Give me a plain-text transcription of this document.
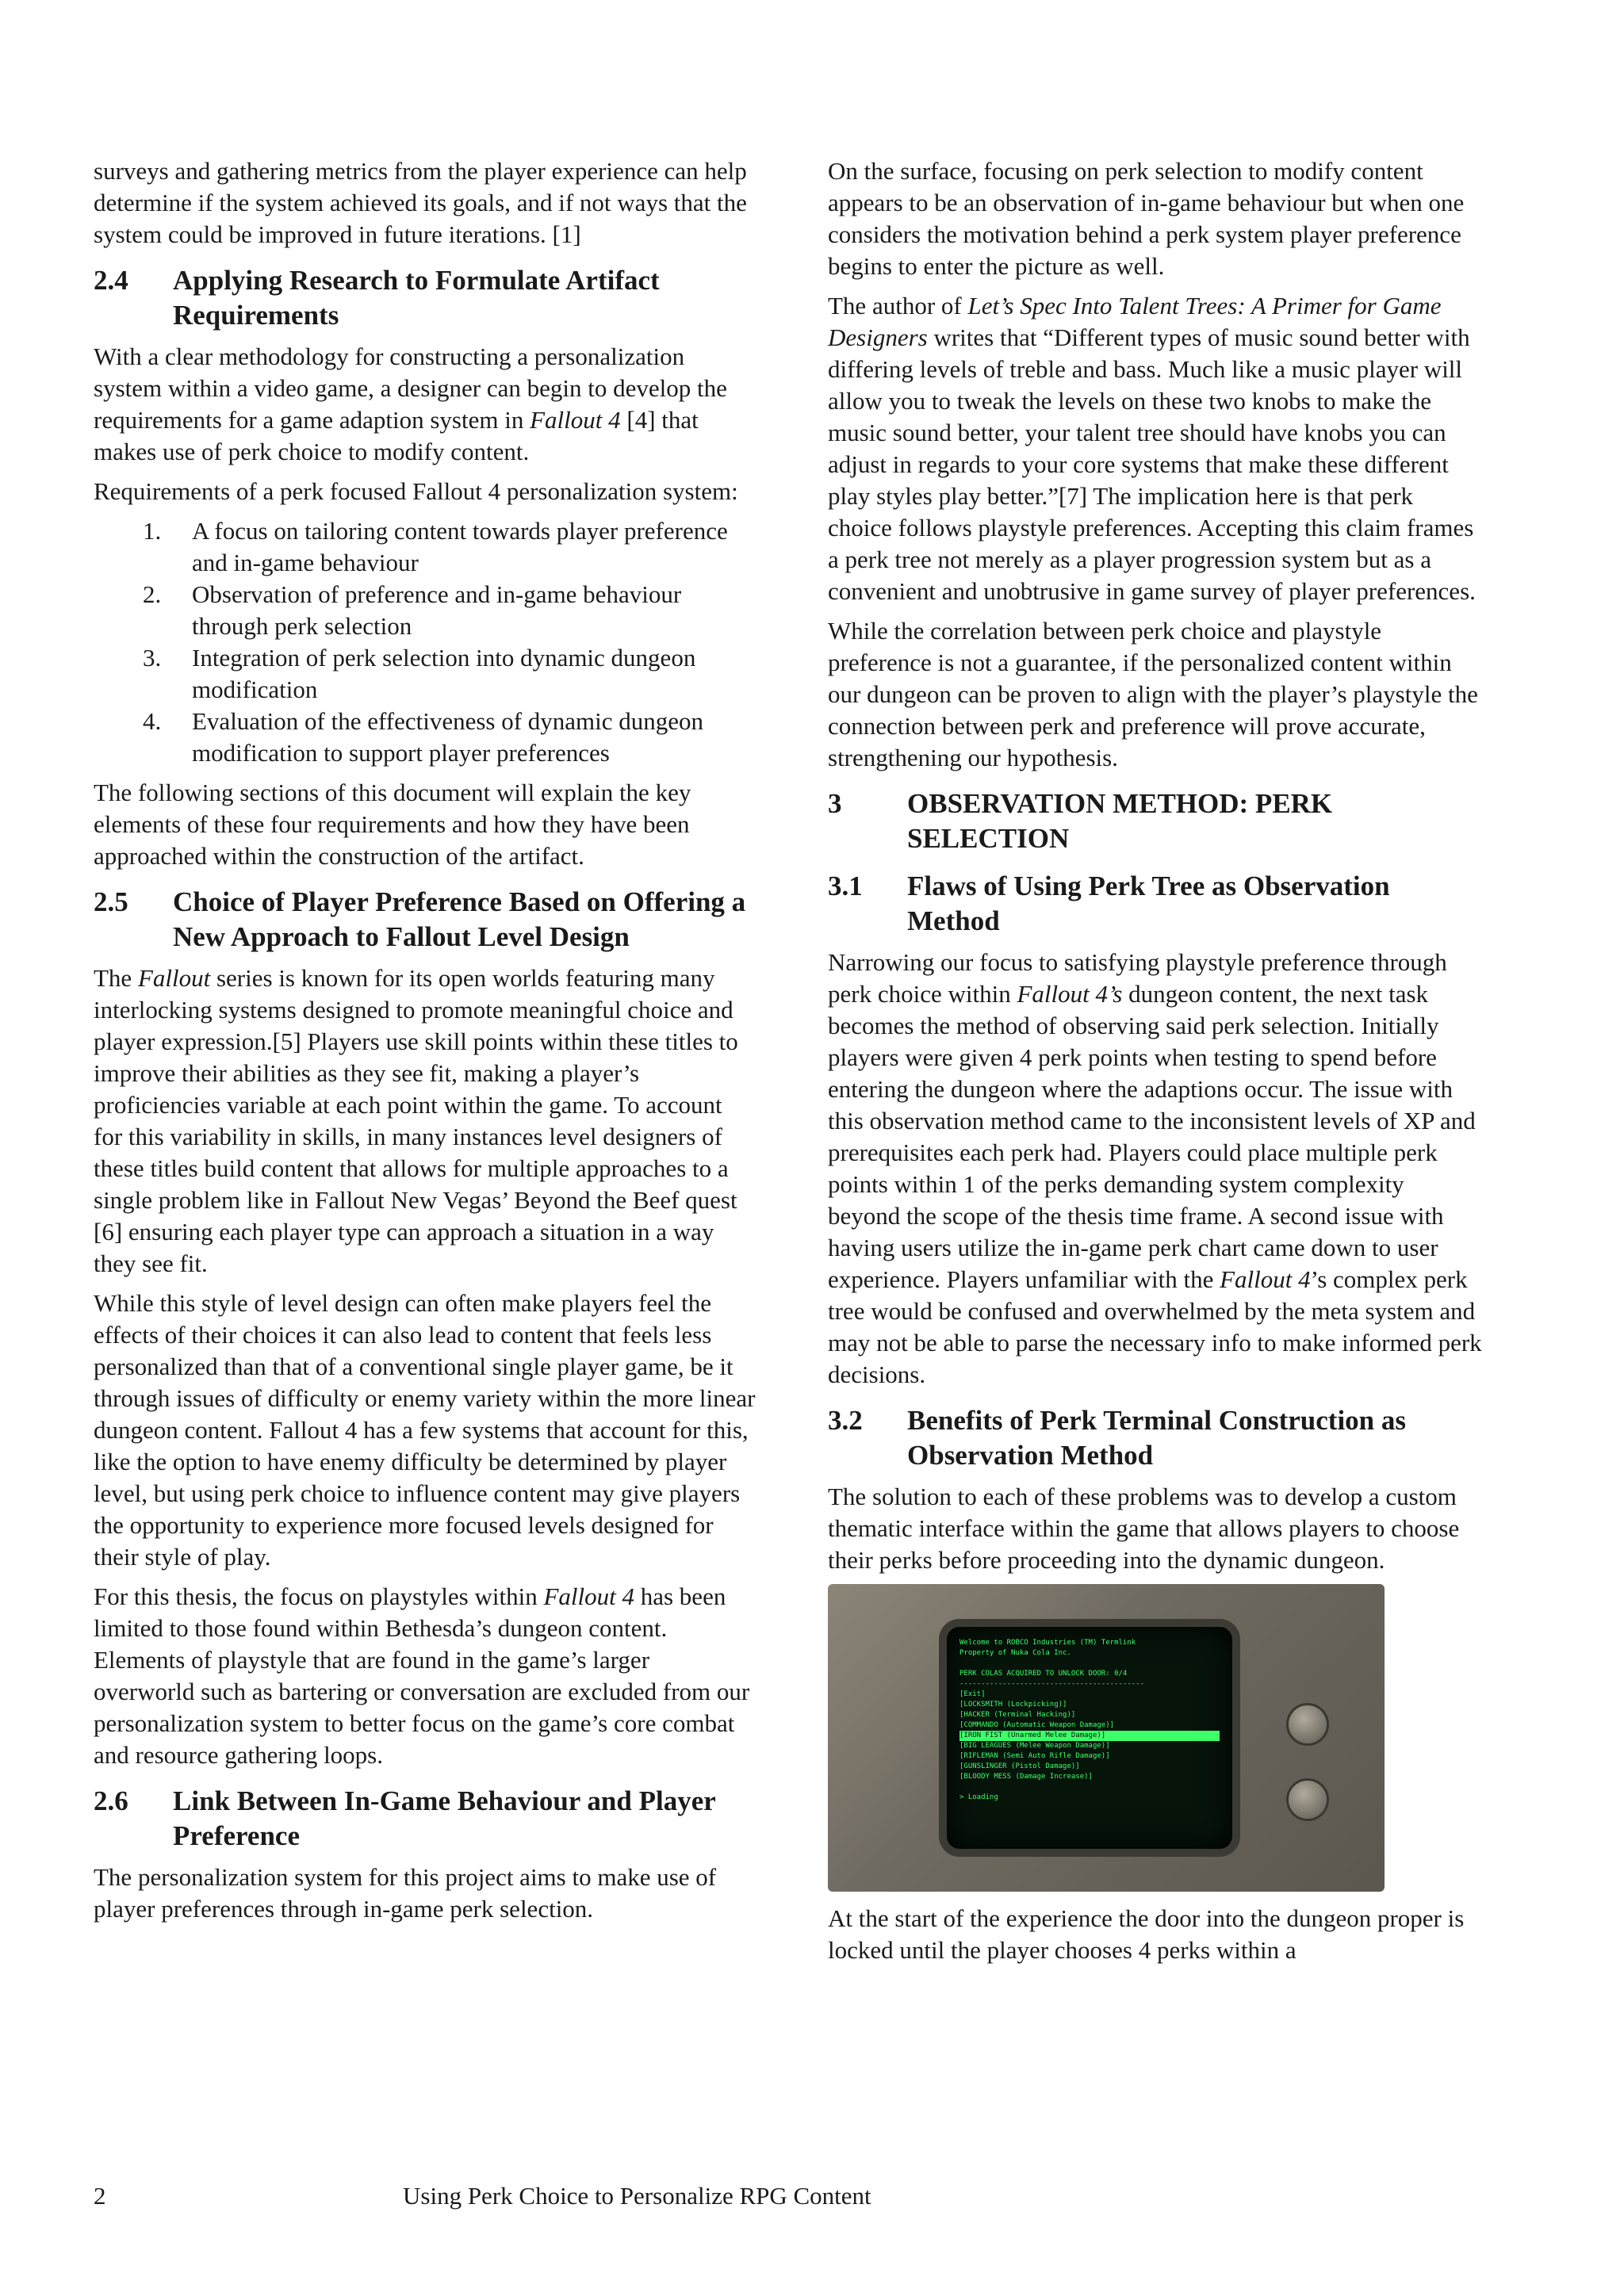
surveys and gathering metrics from the player experience can help determine if the system achieved its goals, and if not ways that the system could be improved in future iterations. [1]

2.4 Applying Research to Formulate Artifact Requirements

With a clear methodology for constructing a personalization system within a video game, a designer can begin to develop the requirements for a game adaption system in Fallout 4 [4] that makes use of perk choice to modify content.

Requirements of a perk focused Fallout 4 personalization system:

1. A focus on tailoring content towards player preference and in-game behaviour
2. Observation of preference and in-game behaviour through perk selection
3. Integration of perk selection into dynamic dungeon modification
4. Evaluation of the effectiveness of dynamic dungeon modification to support player preferences

The following sections of this document will explain the key elements of these four requirements and how they have been approached within the construction of the artifact.

2.5 Choice of Player Preference Based on Offering a New Approach to Fallout Level Design

The Fallout series is known for its open worlds featuring many interlocking systems designed to promote meaningful choice and player expression.[5] Players use skill points within these titles to improve their abilities as they see fit, making a player’s proficiencies variable at each point within the game. To account for this variability in skills, in many instances level designers of these titles build content that allows for multiple approaches to a single problem like in Fallout New Vegas’ Beyond the Beef quest [6] ensuring each player type can approach a situation in a way they see fit.

While this style of level design can often make players feel the effects of their choices it can also lead to content that feels less personalized than that of a conventional single player game, be it through issues of difficulty or enemy variety within the more linear dungeon content. Fallout 4 has a few systems that account for this, like the option to have enemy difficulty be determined by player level, but using perk choice to influence content may give players the opportunity to experience more focused levels designed for their style of play.

For this thesis, the focus on playstyles within Fallout 4 has been limited to those found within Bethesda’s dungeon content. Elements of playstyle that are found in the game’s larger overworld such as bartering or conversation are excluded from our personalization system to better focus on the game’s core combat and resource gathering loops.

2.6 Link Between In-Game Behaviour and Player Preference

The personalization system for this project aims to make use of player preferences through in-game perk selection.

On the surface, focusing on perk selection to modify content appears to be an observation of in-game behaviour but when one considers the motivation behind a perk system player preference begins to enter the picture as well.

The author of Let’s Spec Into Talent Trees: A Primer for Game Designers writes that “Different types of music sound better with differing levels of treble and bass. Much like a music player will allow you to tweak the levels on these two knobs to make the music sound better, your talent tree should have knobs you can adjust in regards to your core systems that make these different play styles play better.”[7] The implication here is that perk choice follows playstyle preferences. Accepting this claim frames a perk tree not merely as a player progression system but as a convenient and unobtrusive in game survey of player preferences.

While the correlation between perk choice and playstyle preference is not a guarantee, if the personalized content within our dungeon can be proven to align with the player’s playstyle the connection between perk and preference will prove accurate, strengthening our hypothesis.

3 OBSERVATION METHOD: PERK SELECTION
3.1 Flaws of Using Perk Tree as Observation Method

Narrowing our focus to satisfying playstyle preference through perk choice within Fallout 4’s dungeon content, the next task becomes the method of observing said perk selection. Initially players were given 4 perk points when testing to spend before entering the dungeon where the adaptions occur. The issue with this observation method came to the inconsistent levels of XP and prerequisites each perk had. Players could place multiple perk points within 1 of the perks demanding system complexity beyond the scope of the thesis time frame. A second issue with having users utilize the in-game perk chart came down to user experience. Players unfamiliar with the Fallout 4’s complex perk tree would be confused and overwhelmed by the meta system and may not be able to parse the necessary info to make informed perk decisions.

3.2 Benefits of Perk Terminal Construction as Observation Method

The solution to each of these problems was to develop a custom thematic interface within the game that allows players to choose their perks before proceeding into the dynamic dungeon.

Welcome to ROBCO Industries (TM) Termlink
Property of Nuka Cola Inc.

PERK COLAS ACQUIRED TO UNLOCK DOOR: 0/4
-------------------------------------------
[Exit]
[LOCKSMITH (Lockpicking)]
[HACKER (Terminal Hacking)]
[COMMANDO (Automatic Weapon Damage)]
[IRON FIST (Unarmed Melee Damage)]
[BIG LEAGUES (Melee Weapon Damage)]
[RIFLEMAN (Semi Auto Rifle Damage)]
[GUNSLINGER (Pistol Damage)]
[BLOODY MESS (Damage Increase)]

> Loading

At the start of the experience the door into the dungeon proper is locked until the player chooses 4 perks within a

2	Using Perk Choice to Personalize RPG Content
